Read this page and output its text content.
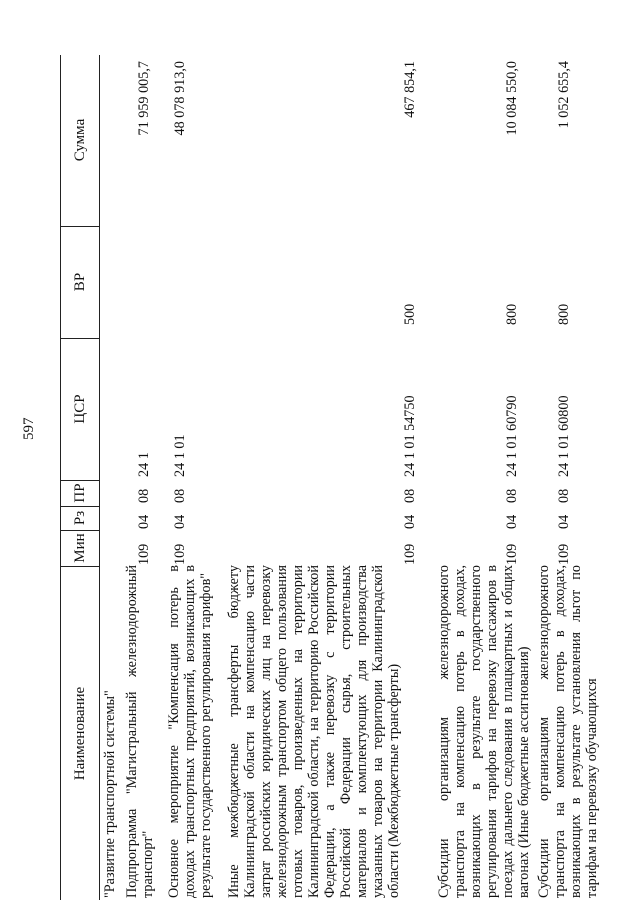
597
Наименование
Мин
Рз
ПР
ЦСР
ВР
Сумма
"Развитие транспортной системы" Подпрограмма "Магистральный железнодорожный транспорт"
109
04
08
24 1
71 959 005,7
Основное мероприятие "Компенсация потерь в доходах транспортных предприятий, возникающих в результате государственного регулирования тарифов"
109
04
08
24 1 01
48 078 913,0
Иные межбюджетные трансферты бюджету Калининградской области на компенсацию части затрат российских юридических лиц на перевозку железнодорожным транспортом общего пользования готовых товаров, произведенных на территории Калининградской области, на территорию Российской Федерации, а также перевозку с территории Российской Федерации сырья, строительных материалов и комплектующих для производства указанных товаров на территории Калининградской области (Межбюджетные трансферты)
109
04
08
24 1 01 54750
500
467 854,1
Субсидии организациям железнодорожного транспорта на компенсацию потерь в доходах, возникающих в результате государственного регулирования тарифов на перевозку пассажиров в поездах дальнего следования в плацкартных и общих вагонах (Иные бюджетные ассигнования)
109
04
08
24 1 01 60790
800
10 084 550,0
Субсидии организациям железнодорожного транспорта на компенсацию потерь в доходах, возникающих в результате установления льгот по тарифам на перевозку обучающихся
109
04
08
24 1 01 60800
800
1 052 655,4
